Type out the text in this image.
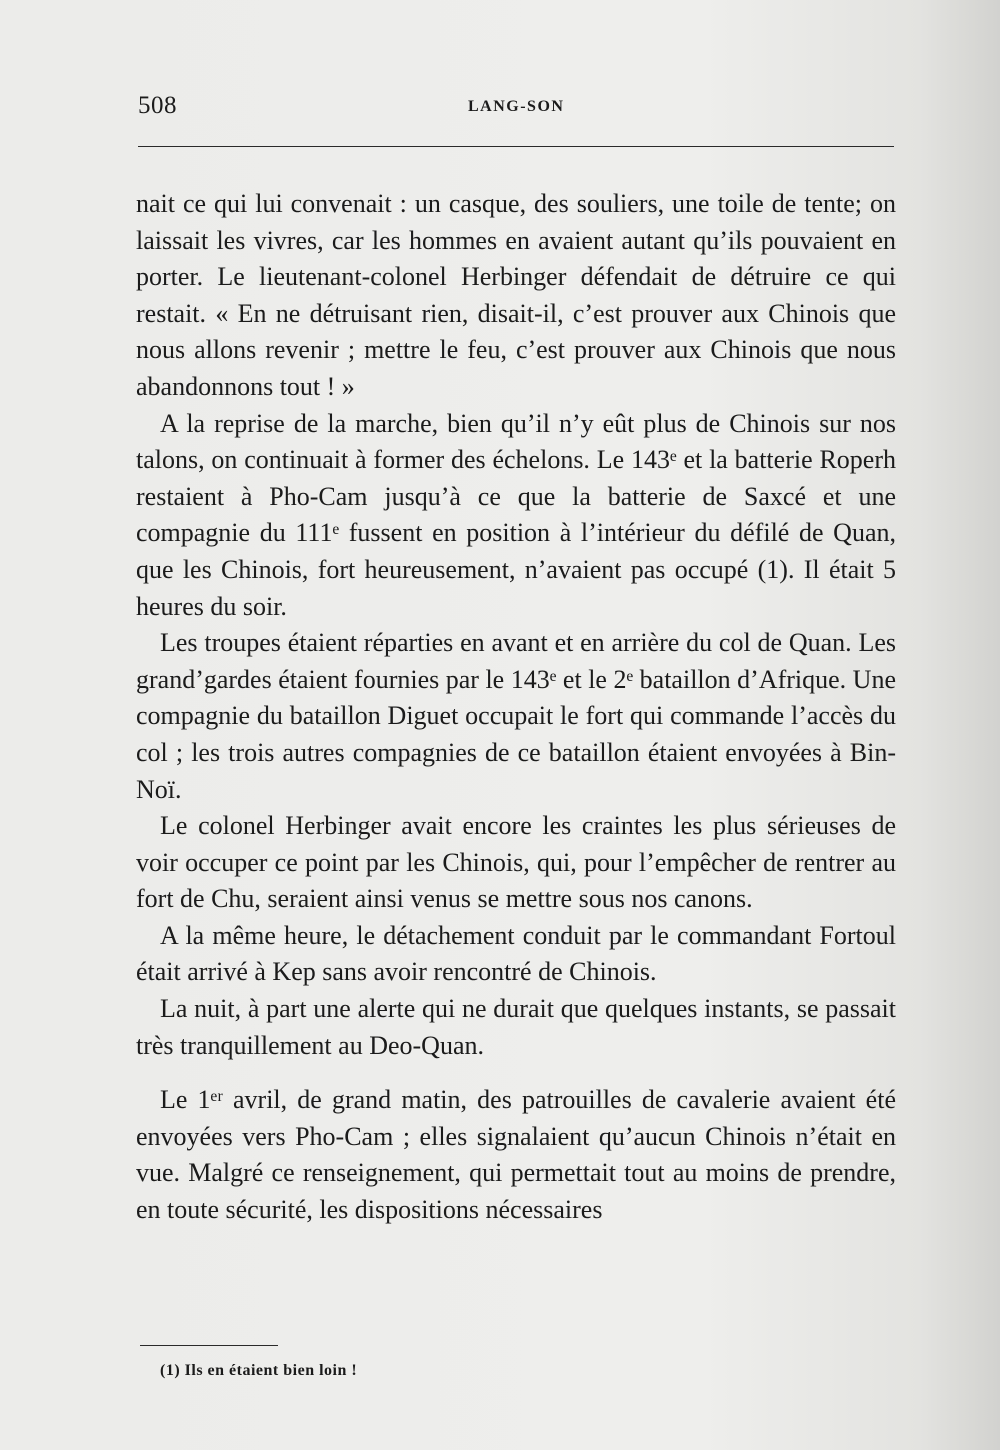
508	LANG-SON

nait ce qui lui convenait : un casque, des souliers, une toile de tente; on laissait les vivres, car les hommes en avaient autant qu’ils pouvaient en porter. Le lieutenant-colonel Herbinger défendait de détruire ce qui restait. « En ne détruisant rien, disait-il, c’est prouver aux Chinois que nous allons revenir ; mettre le feu, c’est prouver aux Chinois que nous abandonnons tout ! »

A la reprise de la marche, bien qu’il n’y eût plus de Chinois sur nos talons, on continuait à former des échelons. Le 143ᵉ et la batterie Roperh restaient à Pho-Cam jusqu’à ce que la batterie de Saxcé et une compagnie du 111ᵉ fussent en position à l’intérieur du défilé de Quan, que les Chinois, fort heureusement, n’avaient pas occupé (1). Il était 5 heures du soir.

Les troupes étaient réparties en avant et en arrière du col de Quan. Les grand’gardes étaient fournies par le 143ᵉ et le 2ᵉ bataillon d’Afrique. Une compagnie du bataillon Diguet occupait le fort qui commande l’accès du col ; les trois autres compagnies de ce bataillon étaient envoyées à Bin-Noï.

Le colonel Herbinger avait encore les craintes les plus sérieuses de voir occuper ce point par les Chinois, qui, pour l’empêcher de rentrer au fort de Chu, seraient ainsi venus se mettre sous nos canons.

A la même heure, le détachement conduit par le commandant Fortoul était arrivé à Kep sans avoir rencontré de Chinois.

La nuit, à part une alerte qui ne durait que quelques instants, se passait très tranquillement au Deo-Quan.

Le 1ᵉʳ avril, de grand matin, des patrouilles de cavalerie avaient été envoyées vers Pho-Cam ; elles signalaient qu’aucun Chinois n’était en vue. Malgré ce renseignement, qui permettait tout au moins de prendre, en toute sécurité, les dispositions nécessaires

(1) Ils en étaient bien loin !
